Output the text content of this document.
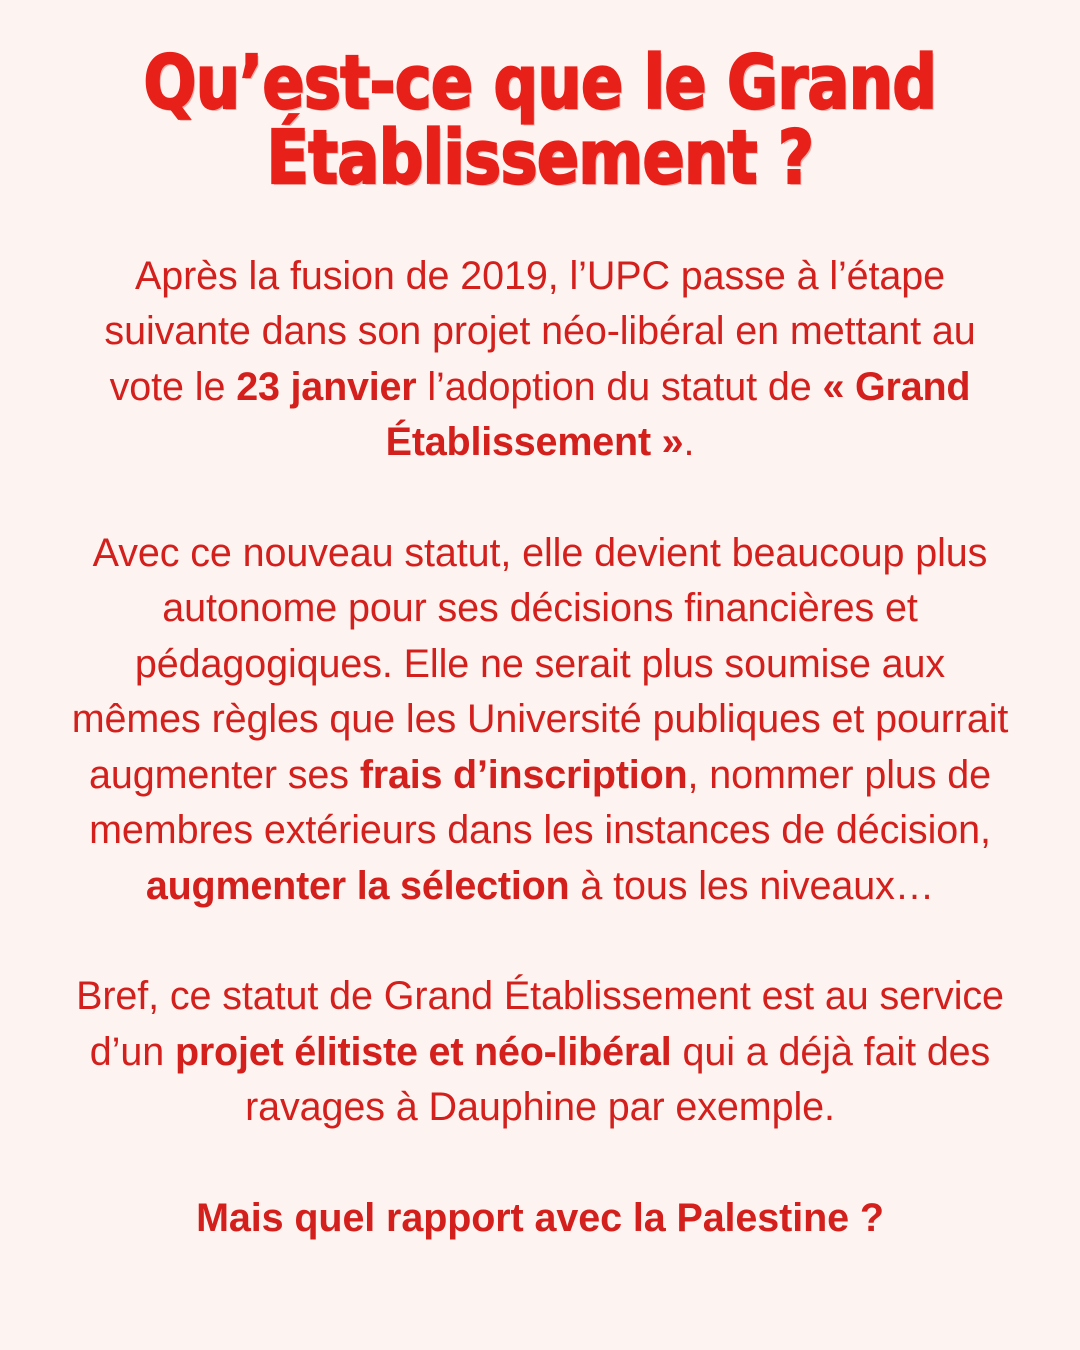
Qu’est-ce que le Grand
Établissement ?

Après la fusion de 2019, l’UPC passe à l’étape suivante dans son projet néo-libéral en mettant au vote le 23 janvier l’adoption du statut de « Grand Établissement ».

Avec ce nouveau statut, elle devient beaucoup plus autonome pour ses décisions financières et pédagogiques. Elle ne serait plus soumise aux mêmes règles que les Université publiques et pourrait augmenter ses frais d’inscription, nommer plus de membres extérieurs dans les instances de décision, augmenter la sélection à tous les niveaux…

Bref, ce statut de Grand Établissement est au service d’un projet élitiste et néo-libéral qui a déjà fait des ravages à Dauphine par exemple.

Mais quel rapport avec la Palestine ?
